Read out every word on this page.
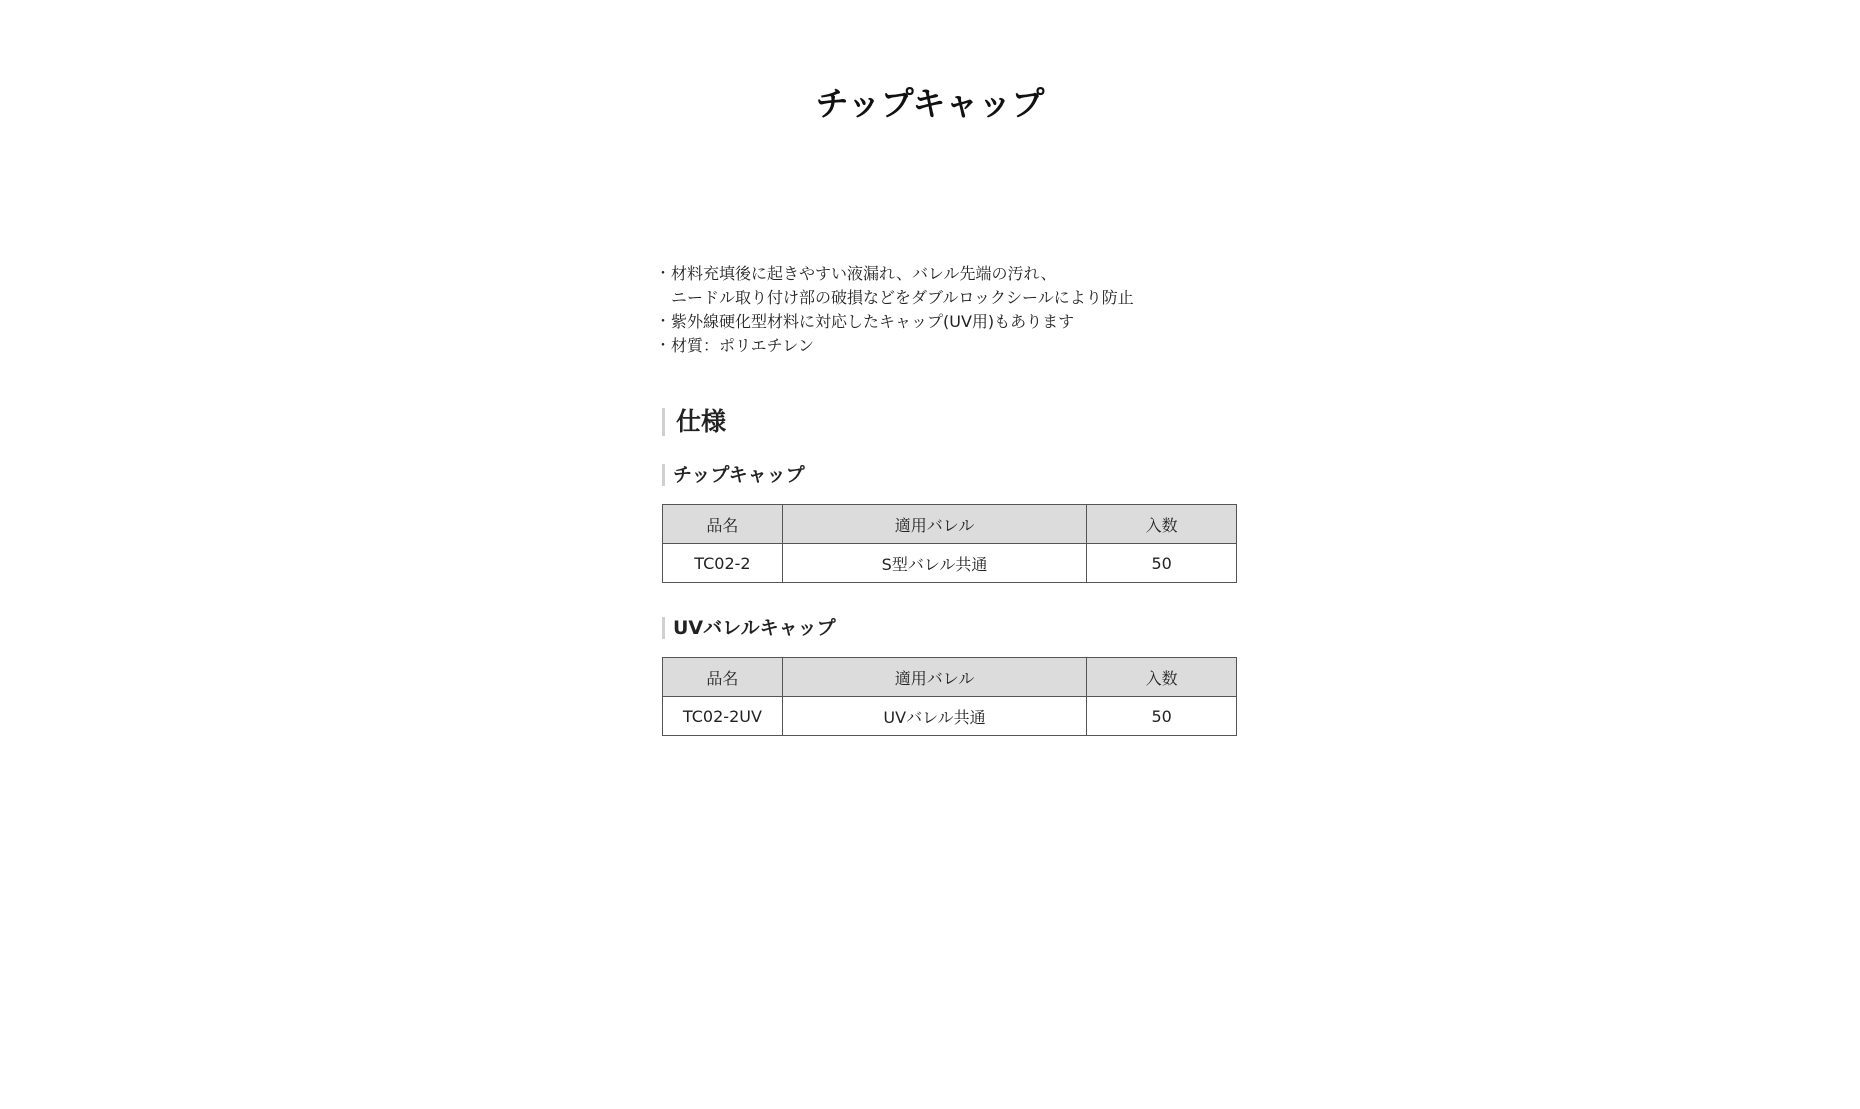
チップキャップ
・ 材料充填後に起きやすい液漏れ、バレル先端の汚れ、
ニードル取り付け部の破損などをダブルロックシールにより防止
・ 紫外線硬化型材料に対応したキャップ(UV用)もあります
・ 材質：ポリエチレン
仕様
チップキャップ
品名	適用バレル	入数
TC02-2	S型バレル共通	50
UVバレルキャップ
品名	適用バレル	入数
TC02-2UV	UVバレル共通	50
